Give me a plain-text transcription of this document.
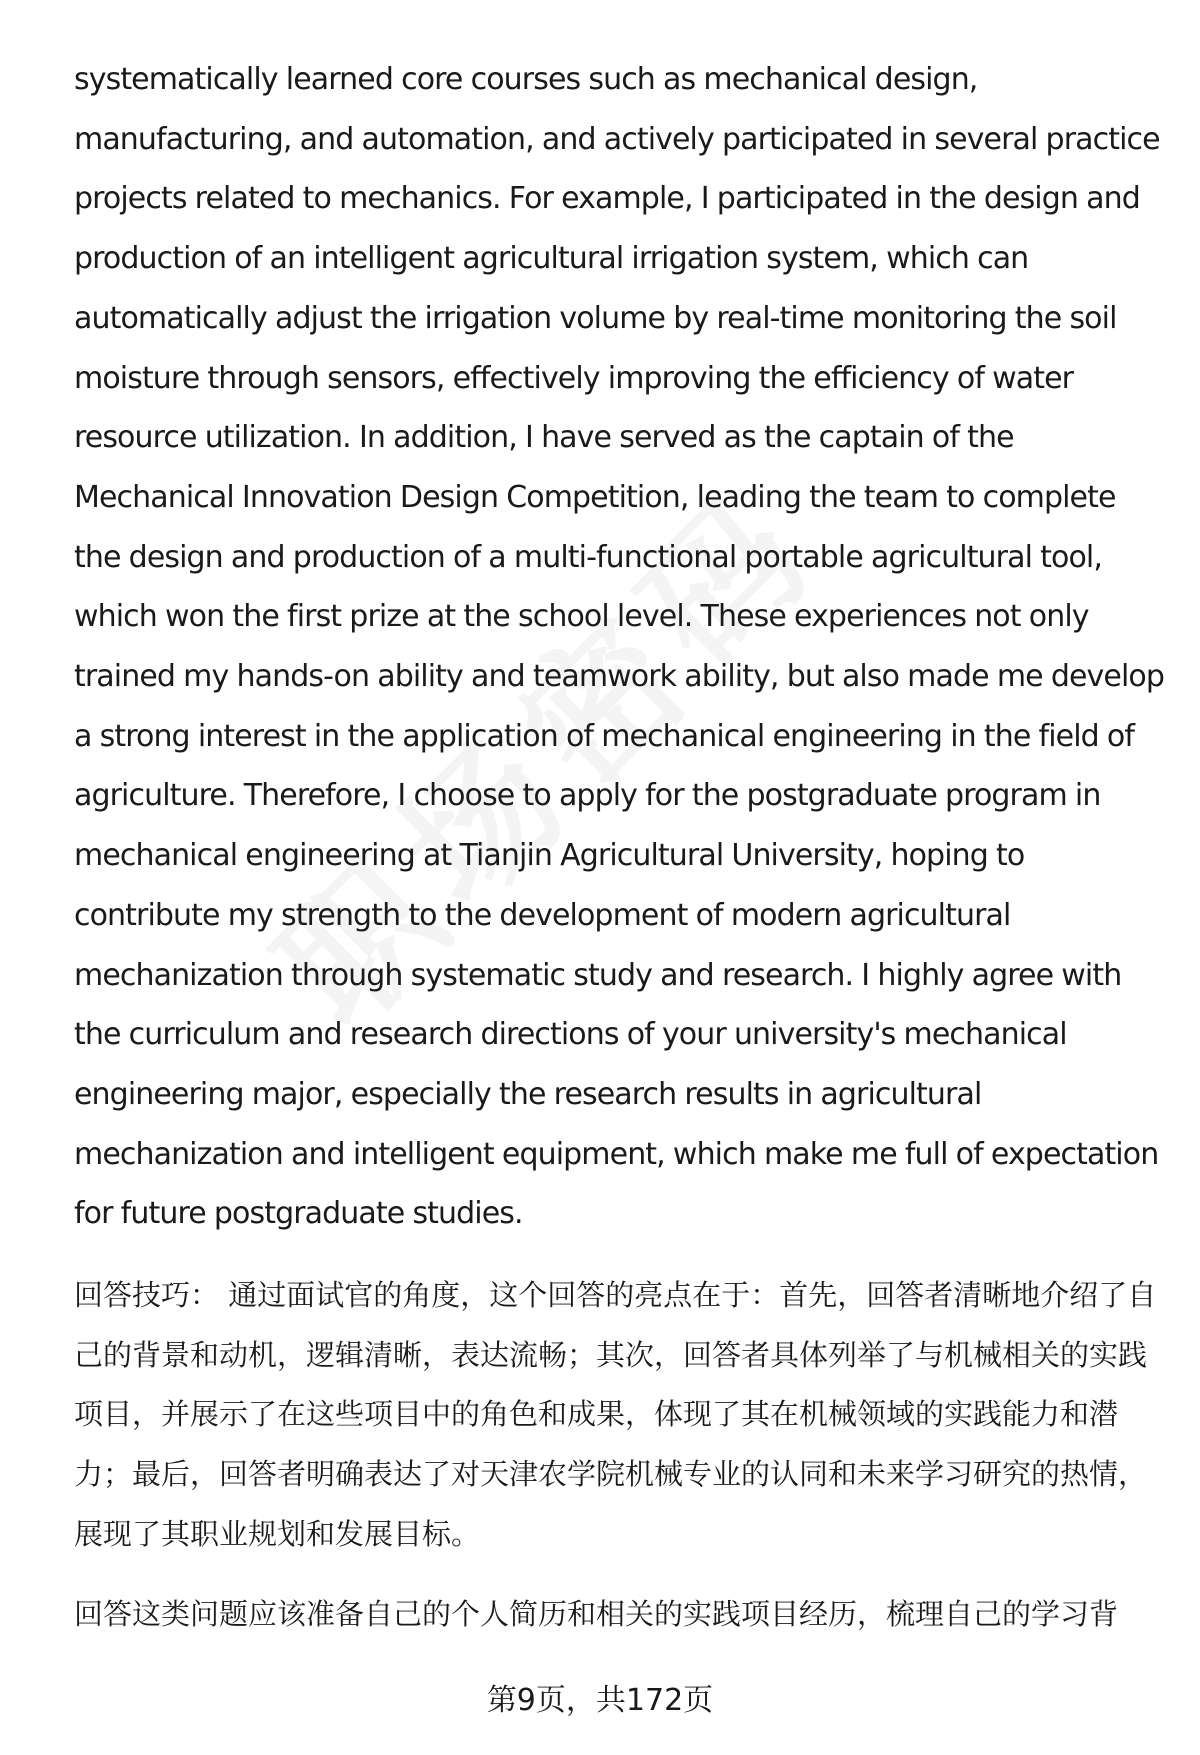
systematically learned core courses such as mechanical design, manufacturing, and automation, and actively participated in several practice projects related to mechanics. For example, I participated in the design and production of an intelligent agricultural irrigation system, which can automatically adjust the irrigation volume by real-time monitoring the soil moisture through sensors, effectively improving the efficiency of water resource utilization. In addition, I have served as the captain of the Mechanical Innovation Design Competition, leading the team to complete the design and production of a multi-functional portable agricultural tool, which won the first prize at the school level. These experiences not only trained my hands-on ability and teamwork ability, but also made me develop a strong interest in the application of mechanical engineering in the field of agriculture. Therefore, I choose to apply for the postgraduate program in mechanical engineering at Tianjin Agricultural University, hoping to contribute my strength to the development of modern agricultural mechanization through systematic study and research. I highly agree with the curriculum and research directions of your university's mechanical engineering major, especially the research results in agricultural mechanization and intelligent equipment, which make me full of expectation for future postgraduate studies.

回答技巧： 通过面试官的角度，这个回答的亮点在于：首先，回答者清晰地介绍了自己的背景和动机，逻辑清晰，表达流畅；其次，回答者具体列举了与机械相关的实践项目，并展示了在这些项目中的角色和成果，体现了其在机械领域的实践能力和潜力；最后，回答者明确表达了对天津农学院机械专业的认同和未来学习研究的热情，展现了其职业规划和发展目标。

回答这类问题应该准备自己的个人简历和相关的实践项目经历，梳理自己的学习背

第9页，共172页
